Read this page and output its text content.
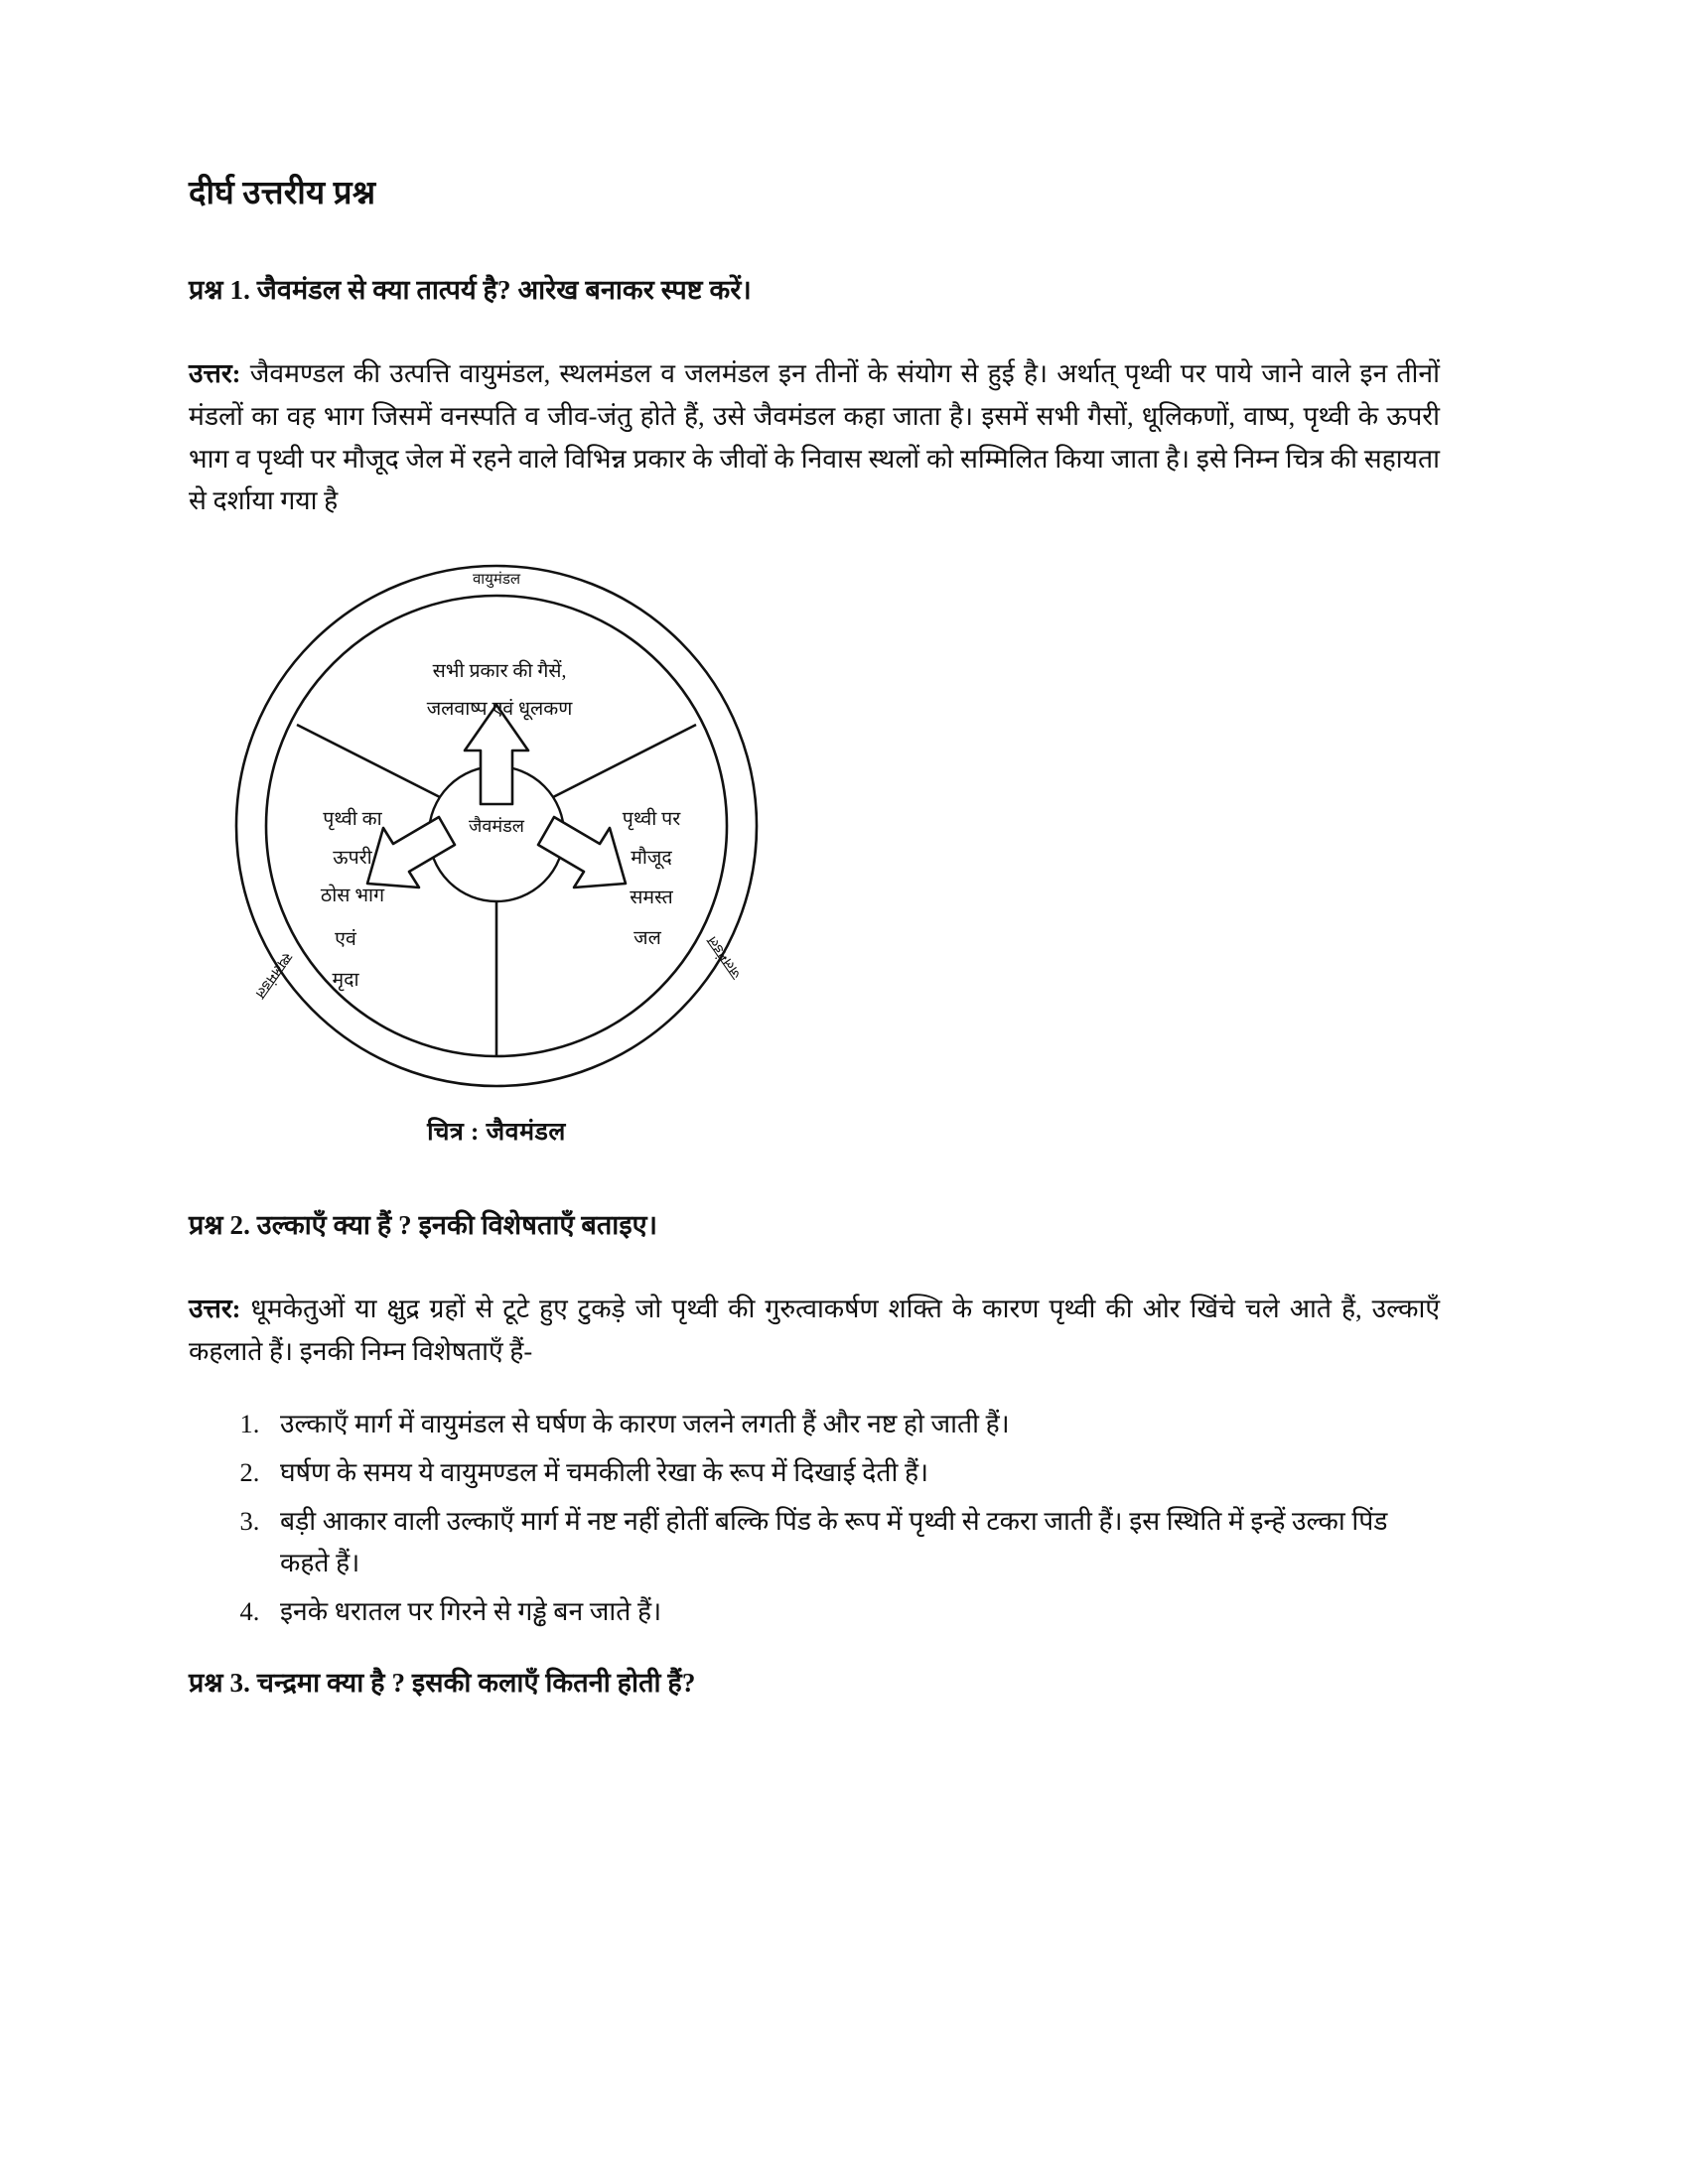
दीर्घ उत्तरीय प्रश्न
प्रश्न 1. जैवमंडल से क्या तात्पर्य है? आरेख बनाकर स्पष्ट करें।

उत्तर: जैवमण्डल की उत्पत्ति वायुमंडल, स्थलमंडल व जलमंडल इन तीनों के संयोग से हुई है। अर्थात् पृथ्वी पर पाये जाने वाले इन तीनों मंडलों का वह भाग जिसमें वनस्पति व जीव-जंतु होते हैं, उसे जैवमंडल कहा जाता है। इसमें सभी गैसों, धूलिकणों, वाष्प, पृथ्वी के ऊपरी भाग व पृथ्वी पर मौजूद जेल में रहने वाले विभिन्न प्रकार के जीवों के निवास स्थलों को सम्मिलित किया जाता है। इसे निम्न चित्र की सहायता से दर्शाया गया है

वायुमंडल
स्थलमंडल	जलमंडल
सभी प्रकार की गैसें,
जलवाष्प एवं धूलकण
पृथ्वी का
ऊपरी
ठोस भाग
एवं
मृदा
पृथ्वी पर
मौजूद
समस्त
जल
जैवमंडल
चित्र : जैवमंडल
प्रश्न 2. उल्काएँ क्या हैं ? इनकी विशेषताएँ बताइए।

उत्तर: धूमकेतुओं या क्षुद्र ग्रहों से टूटे हुए टुकड़े जो पृथ्वी की गुरुत्वाकर्षण शक्ति के कारण पृथ्वी की ओर खिंचे चले आते हैं, उल्काएँ कहलाते हैं। इनकी निम्न विशेषताएँ हैं-

1. उल्काएँ मार्ग में वायुमंडल से घर्षण के कारण जलने लगती हैं और नष्ट हो जाती हैं।
2. घर्षण के समय ये वायुमण्डल में चमकीली रेखा के रूप में दिखाई देती हैं।
3. बड़ी आकार वाली उल्काएँ मार्ग में नष्ट नहीं होतीं बल्कि पिंड के रूप में पृथ्वी से टकरा जाती हैं। इस स्थिति में इन्हें उल्का पिंड कहते हैं।
4. इनके धरातल पर गिरने से गड्ढे बन जाते हैं।
प्रश्न 3. चन्द्रमा क्या है ? इसकी कलाएँ कितनी होती हैं?
